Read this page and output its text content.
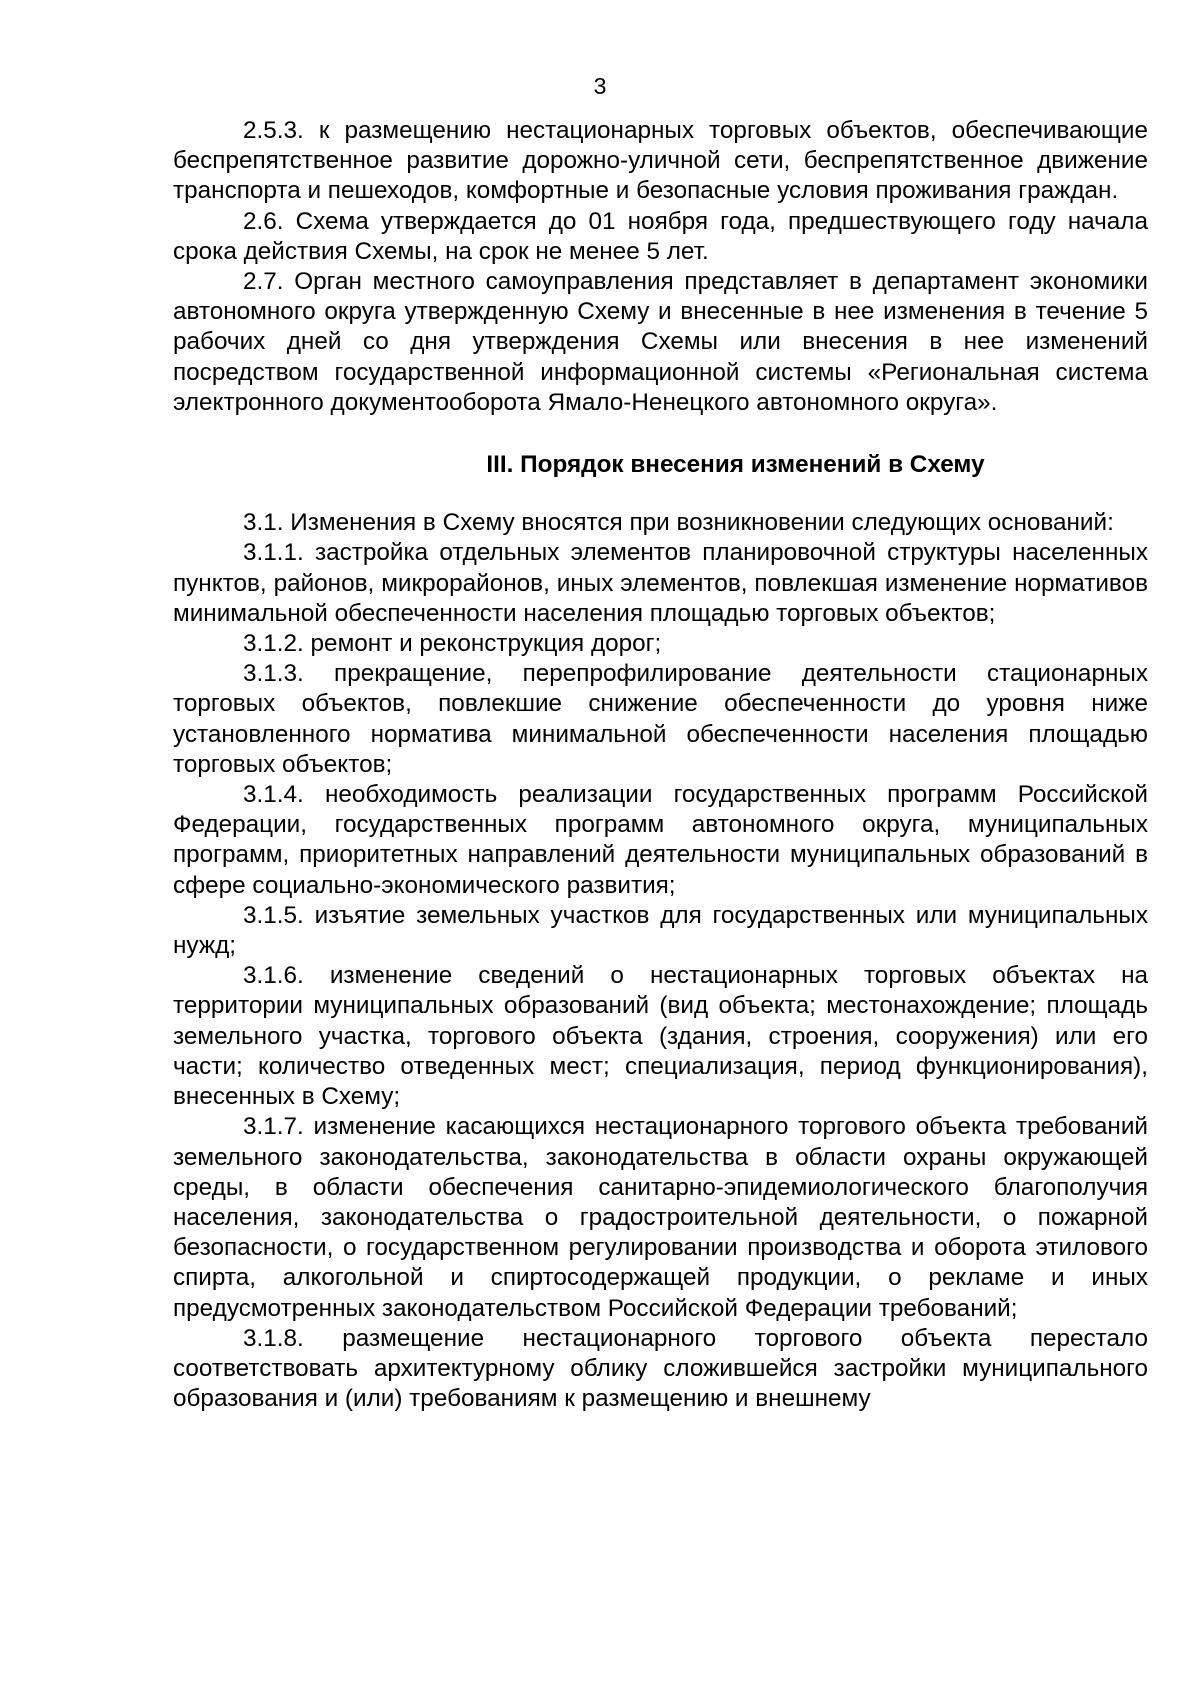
3

2.5.3. к размещению нестационарных торговых объектов, обеспечивающие беспрепятственное развитие дорожно-уличной сети, беспрепятственное движение транспорта и пешеходов, комфортные и безопасные условия проживания граждан.

2.6. Схема утверждается до 01 ноября года, предшествующего году начала срока действия Схемы, на срок не менее 5 лет.

2.7. Орган местного самоуправления представляет в департамент экономики автономного округа утвержденную Схему и внесенные в нее изменения в течение 5 рабочих дней со дня утверждения Схемы или внесения в нее изменений посредством государственной информационной системы «Региональная система электронного документооборота Ямало-Ненецкого автономного округа».

III. Порядок внесения изменений в Схему

3.1. Изменения в Схему вносятся при возникновении следующих оснований:

3.1.1. застройка отдельных элементов планировочной структуры населенных пунктов, районов, микрорайонов, иных элементов, повлекшая изменение нормативов минимальной обеспеченности населения площадью торговых объектов;

3.1.2. ремонт и реконструкция дорог;

3.1.3. прекращение, перепрофилирование деятельности стационарных торговых объектов, повлекшие снижение обеспеченности до уровня ниже установленного норматива минимальной обеспеченности населения площадью торговых объектов;

3.1.4. необходимость реализации государственных программ Российской Федерации, государственных программ автономного округа, муниципальных программ, приоритетных направлений деятельности муниципальных образований в сфере социально-экономического развития;

3.1.5. изъятие земельных участков для государственных или муниципальных нужд;

3.1.6. изменение сведений о нестационарных торговых объектах на территории муниципальных образований (вид объекта; местонахождение; площадь земельного участка, торгового объекта (здания, строения, сооружения) или его части; количество отведенных мест; специализация, период функционирования), внесенных в Схему;

3.1.7. изменение касающихся нестационарного торгового объекта требований земельного законодательства, законодательства в области охраны окружающей среды, в области обеспечения санитарно-эпидемиологического благополучия населения, законодательства о градостроительной деятельности, о пожарной безопасности, о государственном регулировании производства и оборота этилового спирта, алкогольной и спиртосодержащей продукции, о рекламе и иных предусмотренных законодательством Российской Федерации требований;

3.1.8. размещение нестационарного торгового объекта перестало соответствовать архитектурному облику сложившейся застройки муниципального образования и (или) требованиям к размещению и внешнему
